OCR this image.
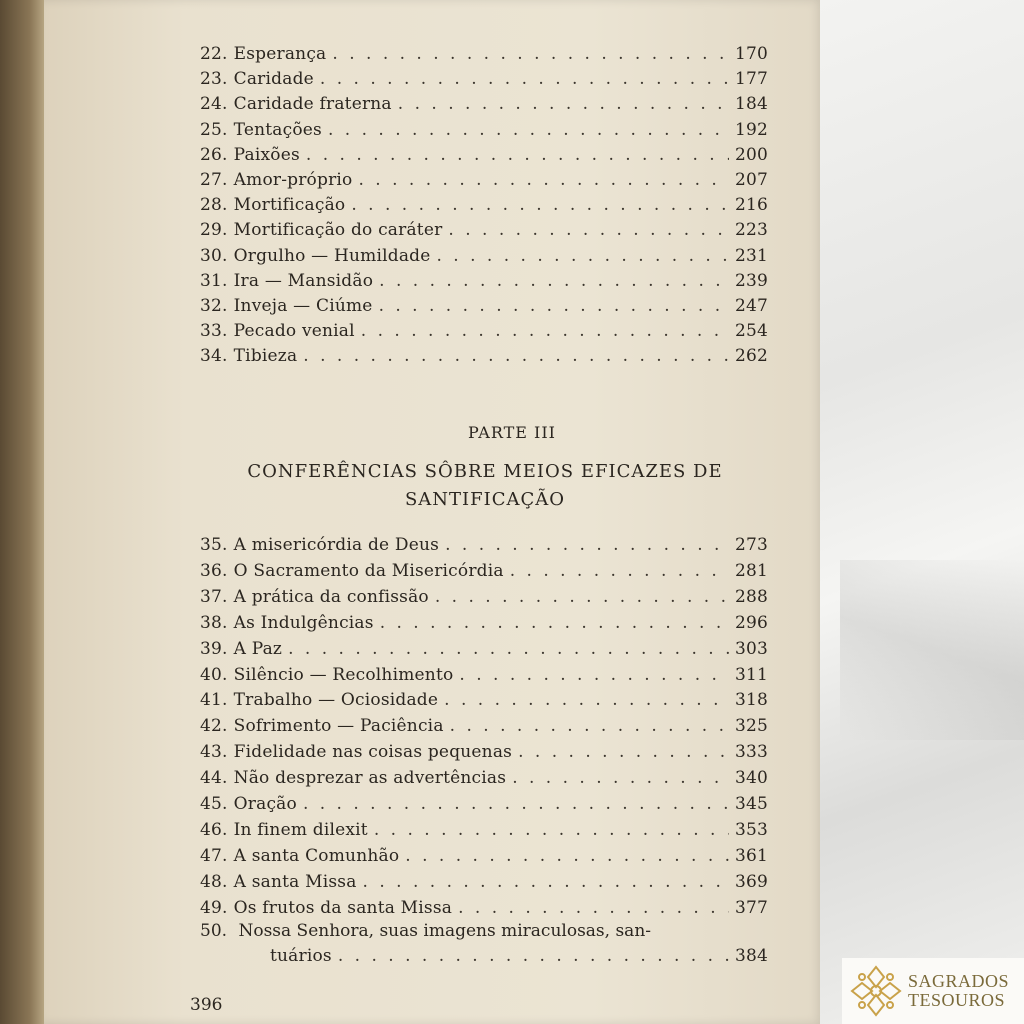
22. Esperança . . .	170
23. Caridade . . .	177
24. Caridade fraterna . . .	184
25. Tentações . . .	192
26. Paixões . . .	200
27. Amor-próprio . . .	207
28. Mortificação . . .	216
29. Mortificação do caráter . . .	223
30. Orgulho — Humildade . . .	231
31. Ira — Mansidão . . .	239
32. Inveja — Ciúme . . .	247
33. Pecado venial . . .	254
34. Tibieza . . .	262
PARTE III
CONFERÊNCIAS SÔBRE MEIOS EFICAZES DE SANTIFICAÇÃO
35. A misericórdia de Deus . . .	273
36. O Sacramento da Misericórdia . . .	281
37. A prática da confissão . . .	288
38. As Indulgências . . .	296
39. A Paz . . .	303
40. Silêncio — Recolhimento . . .	311
41. Trabalho — Ociosidade . . .	318
42. Sofrimento — Paciência . . .	325
43. Fidelidade nas coisas pequenas . . .	333
44. Não desprezar as advertências . . .	340
45. Oração . . .	345
46. In finem dilexit . . .	353
47. A santa Comunhão . . .	361
48. A santa Missa . . .	369
49. Os frutos da santa Missa . . .	377
50. Nossa Senhora, suas imagens miraculosas, san-
tuários . . .	384
396
SAGRADOS
TESOUROS
